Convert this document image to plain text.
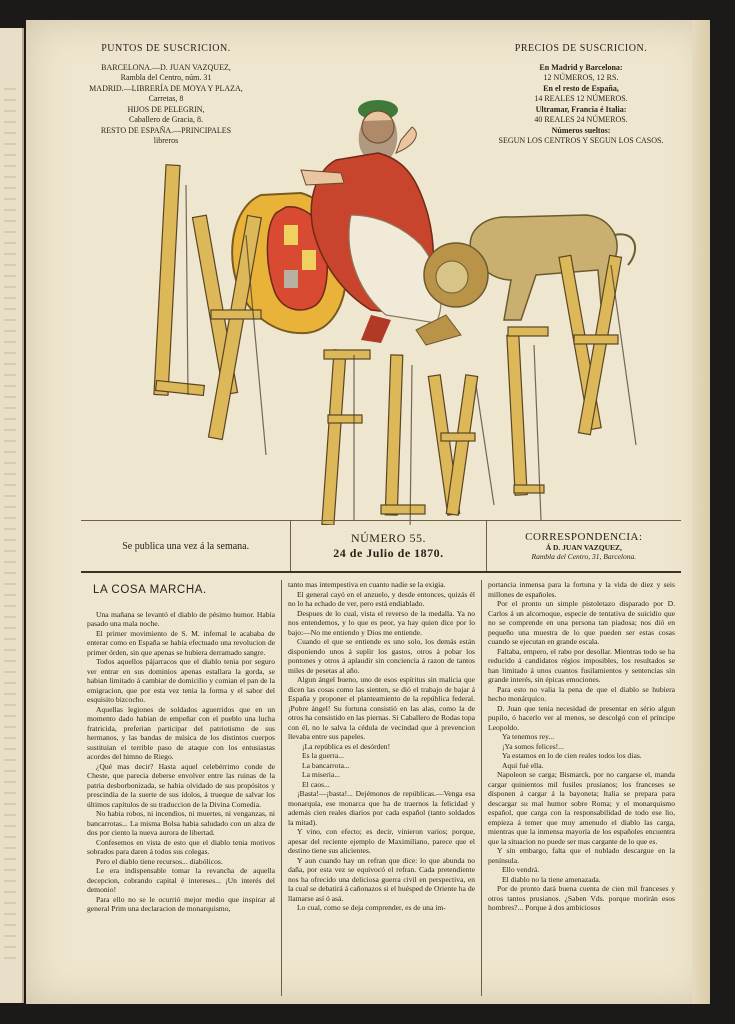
PUNTOS DE SUSCRICION.
BARCELONA.—D. JUAN VAZQUEZ,
Rambla del Centro, núm. 31
MADRID.—LIBRERÍA DE MOYA Y PLAZA,
Carretas, 8
HIJOS DE PELEGRIN,
Caballero de Gracia, 8.
RESTO DE ESPAÑA.—PRINCIPALES
libreros
PRECIOS DE SUSCRICION.
En Madrid y Barcelona:
12 NÚMEROS, 12 RS.
En el resto de España,
14 REALES 12 NÚMEROS.
Ultramar, Francia é Italia:
40 REALES 24 NÚMEROS.
Números sueltos:
SEGUN LOS CENTROS Y SEGUN LOS CASOS.
LA FLACA
Se publica una vez á la semana.
NÚMERO 55.
24 de Julio de 1870.
CORRESPONDENCIA:
Á D. JUAN VAZQUEZ,
Rambla del Centro, 31, Barcelona.
LA COSA MARCHA.

Una mañana se levantó el diablo de pésimo humor. Había pasado una mala noche.

El primer movimiento de S. M. infernal le acababa de enterar como en España se había efectuado una revolucion de primer órden, sin que apenas se hubiera derramado sangre.

Todos aquellos pájarracos que el diablo tenia por seguro ver entrar en sus dominios apenas estallara la gorda, se habian limitado á cambiar de domicilio y comian el pan de la emigracion, que por esta vez tenia la forma y el sabor del esquisito bizcocho.

Aquellas legiones de soldados aguerridos que en un momento dado habian de empeñar con el pueblo una lucha fratricida, preferian participar del patriotismo de sus hermanos, y las bandas de música de los distintos cuerpos sustituian el terrible paso de ataque con los entusiastas acordes del himno de Riego.

¿Qué mas decir? Hasta aquel celebérrimo conde de Cheste, que parecia deberse envolver entre las ruinas de la patria desborbonizada, se habia olvidado de sus propósitos y prescindia de la suerte de sus ídolos, á trueque de salvar los últimos capítulos de su traduccion de la Divina Comedia.

No habia robos, ni incendios, ni muertes, ni venganzas, ni bancarrotas... La misma Bolsa habia saludado con un alza de dos por ciento la nueva aurora de libertad.

Confesemos en vista de esto que el diablo tenia motivos sobrados para daren á todos sus colegas.

Pero el diablo tiene recursos... diabólicos.

Le era indispensable tomar la revancha de aquella decepcion, cobrando capital é intereses... ¡Un interés del demonio!

Para ello no se le ocurrió mejor medio que inspirar al general Prim una declaracion de monarquismo,

tanto mas intempestiva en cuanto nadie se la exigia.

El general cayó en el anzuelo, y desde entonces, quizás él no lo ha echado de ver, pero está endiablado.

Despues de lo cual, vista el reverso de la medalla. Ya no nos entendemos, y lo que es peor, ya hay quien dice por lo bajo:—No me entiendo y Dios me entiende.

Cuando el que se entiende es uno solo, los demás están disponiendo unos á suplir los gastos, otros á pobar los pontones y otros á aplaudir sin conciencia á razon de tantos miles de pesetas al año.

Algun ángel bueno, uno de esos espíritus sin malicia que dicen las cosas como las sienten, se dió el trabajo de bajar á España y proponer el planteamiento de la república federal. ¡Pobre ángel! Su fortuna consistió en las alas, como la de otros ha consistido en las piernas. Si Caballero de Rodas topa con él, no le salva la cédula de vecindad que á prevencion llevaba entre sus papeles.

¡La república es el desórden!

Es la guerra...

La bancarrota...

La miseria...

El caos...

¡Basta!—¡basta!... Dejémonos de repúblicas.—Venga esa monarquía, ese monarca que ha de traernos la felicidad y además cien reales diarios por cada español (tanto soldados la mitad).

Y vino, con efecto; es decir, vinieron varios; porque, apesar del reciente ejemplo de Maximiliano, parece que el destino tiene sus alicientes.

Y aun cuando hay un refran que dice: lo que abunda no daña, por esta vez se equivocó el refran. Cada pretendiente nos ha ofrecido una deliciosa guerra civil en perspectiva, en la cual se debatirá á cañonazos si el huésped de Oriente ha de llamarse así ó asá.

Lo cual, como se deja comprender, es de una im-

portancia inmensa para la fortuna y la vida de diez y seis millones de españoles.

Por el pronto un simple pistoletazo disparado por D. Carlos á un alcornoque, especie de tentativa de suicidio que no se comprende en una persona tan piadosa; nos dió en pequeño una muestra de lo que pueden ser estas cosas cuando se ejecutan en grande escala.

Faltaba, empero, el rabo por desollar. Mientras todo se ha reducido á candidatos régios imposibles, los resultados se han limitado á unos cuantos fusilamientos y sentencias sin grande interés, sin épicas emociones.

Para esto no valia la pena de que el diablo se hubiera hecho monárquico.

D. Juan que tenia necesidad de presentar en sério algun pupilo, ó hacerlo ver al menos, se descolgó con el príncipe Leopoldo.

Ya tenemos rey...

¡Ya somos felices!...

Ya estamos en lo de cien reales todos los dias.

Aquí fué ella.

Napoleon se carga; Bismarck, por no cargarse el, manda cargar quinientos mil fusiles prusianos; los franceses se disponen á cargar á la bayoneta; Italia se prepara para descargar su mal humor sobre Roma; y el monarquismo español, que carga con la responsabilidad de todo ese lio, empieza á temer que muy amenudo el diablo las carga, mientras que la inmensa mayoría de los españoles encuentra que la situacion no puede ser mas cargante de lo que es.

Y sin embargo, falta que el nublado descargue en la península.

Ello vendrá.

El diablo no la tiene amenazada.

Por de pronto dará buena cuenta de cien mil franceses y otros tantos prusianos. ¿Saben Vds. porque morirán esos hombres?... Porque á dos ambiciosos
